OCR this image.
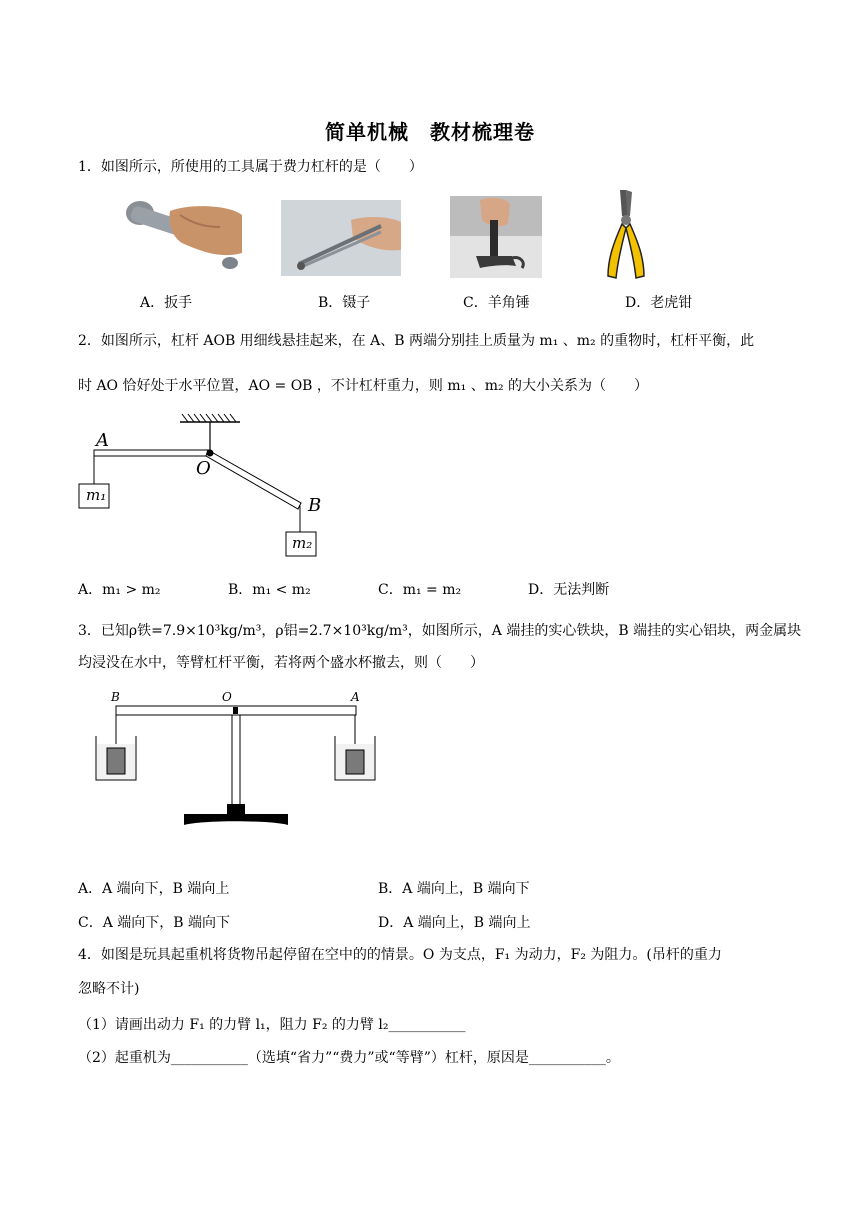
简单机械　教材梳理卷
1．如图所示，所使用的工具属于费力杠杆的是（　　）
A．扳手	B．镊子	C．羊角锤	D．老虎钳
2．如图所示，杠杆 AOB 用细线悬挂起来，在 A、B 两端分别挂上质量为 m₁ 、m₂ 的重物时，杠杆平衡，此
时 AO 恰好处于水平位置，AO = OB ，不计杠杆重力，则 m₁ 、m₂ 的大小关系为（　　）
A
O
B
m₁
m₂
A．m₁ > m₂	B．m₁ < m₂	C．m₁ = m₂	D．无法判断
3．已知ρ铁=7.9×10³kg/m³，ρ铝=2.7×10³kg/m³，如图所示，A 端挂的实心铁块，B 端挂的实心铝块，两金属块
均浸没在水中，等臂杠杆平衡，若将两个盛水杯撤去，则（　　）
B	O	A
A．A 端向下，B 端向上	B．A 端向上，B 端向下
C．A 端向下，B 端向下	D．A 端向上，B 端向上
4．如图是玩具起重机将货物吊起停留在空中的的情景。O 为支点，F₁ 为动力，F₂ 为阻力。(吊杆的重力
忽略不计)
（1）请画出动力 F₁ 的力臂 l₁，阻力 F₂ 的力臂 l₂___________
（2）起重机为___________（选填“省力”“费力”或“等臂”）杠杆，原因是___________。
